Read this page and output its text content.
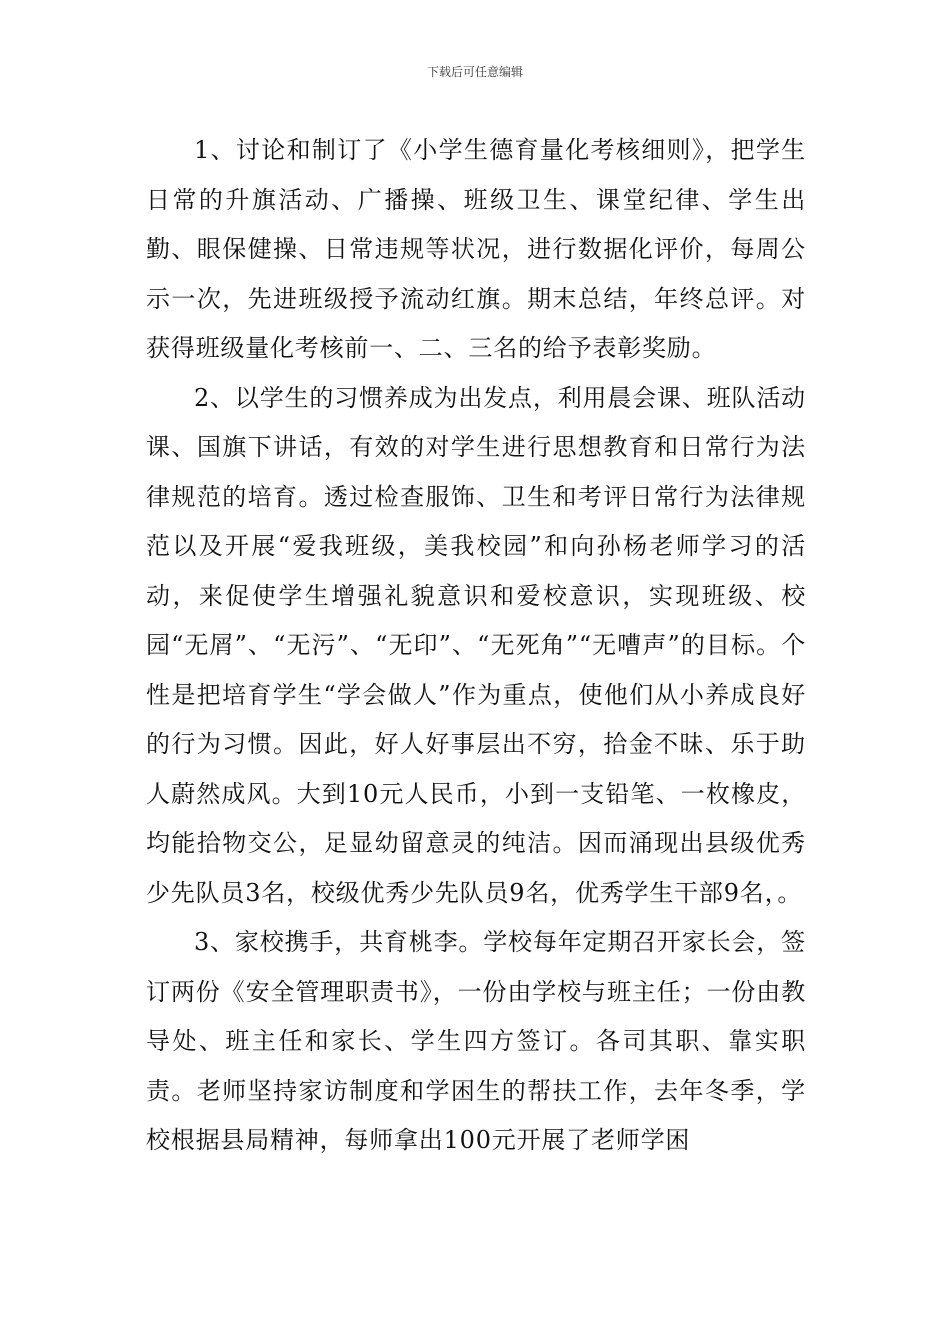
下载后可任意编辑

1、讨论和制订了《小学生德育量化考核细则》，把学生日常的升旗活动、广播操、班级卫生、课堂纪律、学生出勤、眼保健操、日常违规等状况，进行数据化评价，每周公示一次，先进班级授予流动红旗。期末总结，年终总评。对获得班级量化考核前一、二、三名的给予表彰奖励。

2、以学生的习惯养成为出发点，利用晨会课、班队活动课、国旗下讲话，有效的对学生进行思想教育和日常行为法律规范的培育。透过检查服饰、卫生和考评日常行为法律规范以及开展“爱我班级，美我校园”和向孙杨老师学习的活动，来促使学生增强礼貌意识和爱校意识，实现班级、校园“无屑”、“无污”、“无印”、“无死角”“无嘈声”的目标。个性是把培育学生“学会做人”作为重点，使他们从小养成良好的行为习惯。因此，好人好事层出不穷，拾金不昧、乐于助人蔚然成风。大到10元人民币，小到一支铅笔、一枚橡皮，均能拾物交公，足显幼留意灵的纯洁。因而涌现出县级优秀少先队员3名，校级优秀少先队员9名，优秀学生干部9名，。

3、家校携手，共育桃李。学校每年定期召开家长会，签订两份《安全管理职责书》，一份由学校与班主任；一份由教导处、班主任和家长、学生四方签订。各司其职、靠实职责。老师坚持家访制度和学困生的帮扶工作，去年冬季，学校根据县局精神，每师拿出100元开展了老师学困
